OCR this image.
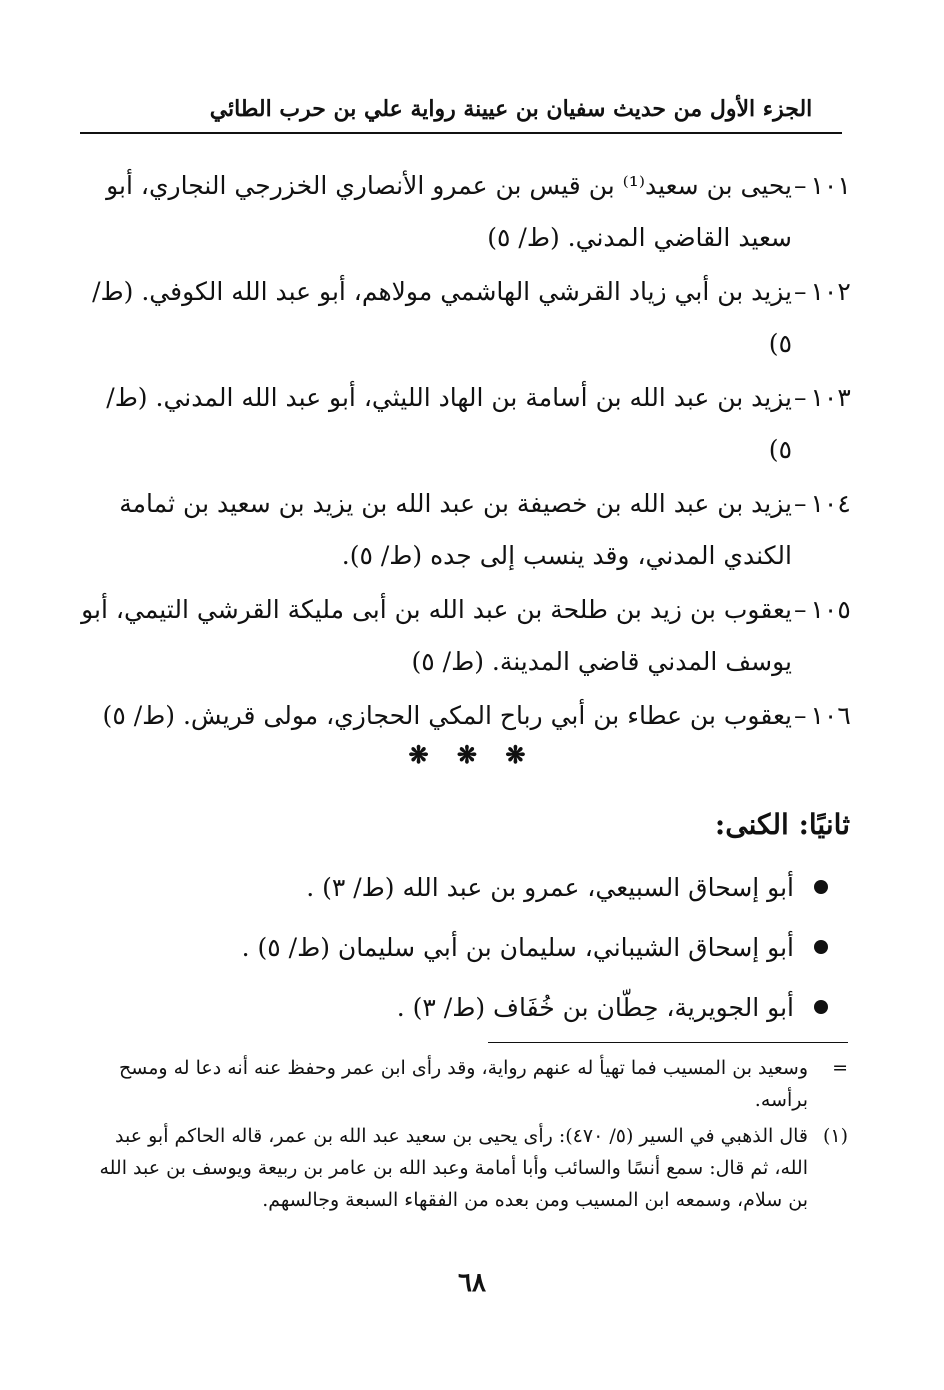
الجزء الأول من حديث سفيان بن عيينة رواية علي بن حرب الطائي
١٠١ –
يحيى بن سعيد⁽¹⁾ بن قيس بن عمرو الأنصاري الخزرجي النجاري، أبو سعيد القاضي المدني. (ط/ ٥)
١٠٢ –
يزيد بن أبي زياد القرشي الهاشمي مولاهم، أبو عبد الله الكوفي. (ط/ ٥)
١٠٣ –
يزيد بن عبد الله بن أسامة بن الهاد الليثي، أبو عبد الله المدني. (ط/ ٥)
١٠٤ –
يزيد بن عبد الله بن خصيفة بن عبد الله بن يزيد بن سعيد بن ثمامة الكندي المدني، وقد ينسب إلى جده (ط/ ٥).
١٠٥ –
يعقوب بن زيد بن طلحة بن عبد الله بن أبى مليكة القرشي التيمي، أبو يوسف المدني قاضي المدينة. (ط/ ٥)
١٠٦ –
يعقوب بن عطاء بن أبي رباح المكي الحجازي، مولى قريش. (ط/ ٥)
❋ ❋ ❋
ثانيًا: الكنى:
أبو إسحاق السبيعي، عمرو بن عبد الله (ط/ ٣) .
أبو إسحاق الشيباني، سليمان بن أبي سليمان (ط/ ٥) .
أبو الجويرية، حِطّان بن خُفَاف (ط/ ٣) .
=
وسعيد بن المسيب فما تهيأ له عنهم رواية، وقد رأى ابن عمر وحفظ عنه أنه دعا له ومسح برأسه.
(١)
قال الذهبي في السير (٥/ ٤٧٠): رأى يحيى بن سعيد عبد الله بن عمر، قاله الحاكم أبو عبد الله، ثم قال: سمع أنسًا والسائب وأبا أمامة وعبد الله بن عامر بن ربيعة ويوسف بن عبد الله بن سلام، وسمعه ابن المسيب ومن بعده من الفقهاء السبعة وجالسهم.
٦٨
